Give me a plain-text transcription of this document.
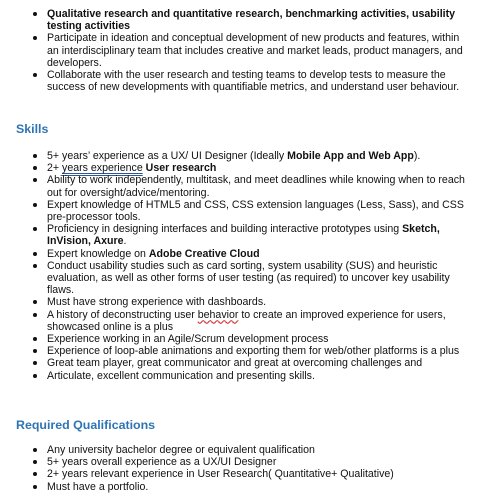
Qualitative research and quantitative research, benchmarking activities, usability testing activities
Participate in ideation and conceptual development of new products and features, within an interdisciplinary team that includes creative and market leads, product managers, and developers.
Collaborate with the user research and testing teams to develop tests to measure the success of new developments with quantifiable metrics, and understand user behaviour.
Skills
5+ years’ experience as a UX/ UI Designer (Ideally Mobile App and Web App).
2+ years experience User research
Ability to work independently, multitask, and meet deadlines while knowing when to reach out for oversight/advice/mentoring.
Expert knowledge of HTML5 and CSS, CSS extension languages (Less, Sass), and CSS pre-processor tools.
Proficiency in designing interfaces and building interactive prototypes using Sketch, InVision, Axure.
Expert knowledge on Adobe Creative Cloud
Conduct usability studies such as card sorting, system usability (SUS) and heuristic evaluation, as well as other forms of user testing (as required) to uncover key usability flaws.
Must have strong experience with dashboards.
A history of deconstructing user behavior to create an improved experience for users, showcased online is a plus
Experience working in an Agile/Scrum development process
Experience of loop-able animations and exporting them for web/other platforms is a plus
Great team player, great communicator and great at overcoming challenges and
Articulate, excellent communication and presenting skills.
Required Qualifications
Any university bachelor degree or equivalent qualification
5+ years overall experience as a UX/UI Designer
2+ years relevant experience in User Research( Quantitative+ Qualitative)
Must have a portfolio.
